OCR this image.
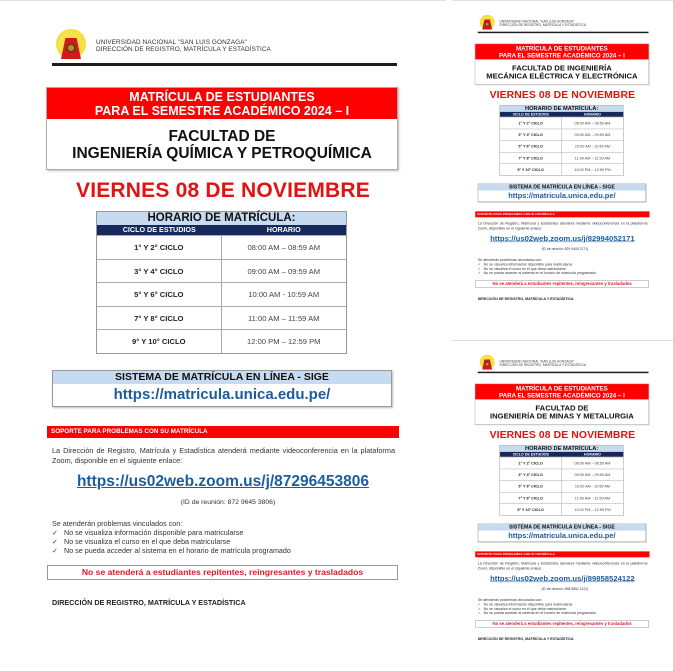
UNIVERSIDAD NACIONAL "SAN LUIS GONZAGA"
DIRECCIÓN DE REGISTRO, MATRÍCULA Y ESTADÍSTICA
MATRÍCULA DE ESTUDIANTES
PARA EL SEMESTRE ACADÉMICO 2024 – I
FACULTAD DE
INGENIERÍA QUÍMICA Y PETROQUÍMICA
VIERNES 08 DE NOVIEMBRE
HORARIO DE MATRÍCULA:
CICLO DE ESTUDIOS	HORARIO
1° Y 2° CICLO	08:00 AM – 08:59 AM
3° Y 4° CICLO	09:00 AM – 09:59 AM
5° Y 6° CICLO	10:00 AM - 10:59 AM
7° Y 8° CICLO	11:00 AM – 11:59 AM
9° Y 10° CICLO	12:00 PM – 12:59 PM
SISTEMA DE MATRÍCULA EN LÍNEA - SIGE
https://matricula.unica.edu.pe/
SOPORTE PARA PROBLEMAS CON SU MATRÍCULA
La Dirección de Registro, Matrícula y Estadística atenderá mediante videoconferencia en la plataforma Zoom, disponible en el siguiente enlace:
https://us02web.zoom.us/j/87296453806
(ID de reunión: 872 9645 3806)
Se atenderán problemas vinculados con:
✓ No se visualiza información disponible para matricularse
✓ No se visualiza el curso en el que deba matricularse
✓ No se pueda acceder al sistema en el horario de matrícula programado
No se atenderá a estudiantes repitentes, reingresantes y trasladados
DIRECCIÓN DE REGISTRO, MATRÍCULA Y ESTADÍSTICA
UNIVERSIDAD NACIONAL "SAN LUIS GONZAGA"
DIRECCIÓN DE REGISTRO, MATRÍCULA Y ESTADÍSTICA
MATRÍCULA DE ESTUDIANTES
PARA EL SEMESTRE ACADÉMICO 2024 – I
FACULTAD DE INGENIERÍA
MECÁNICA ELÉCTRICA Y ELECTRÓNICA
VIERNES 08 DE NOVIEMBRE
HORARIO DE MATRÍCULA:
CICLO DE ESTUDIOS	HORARIO
1° Y 2° CICLO	08:00 AM – 08:59 AM
3° Y 4° CICLO	09:00 AM – 09:59 AM
5° Y 6° CICLO	10:00 AM - 10:59 AM
7° Y 8° CICLO	11:00 AM – 11:59 AM
9° Y 10° CICLO	12:00 PM – 12:59 PM
SISTEMA DE MATRÍCULA EN LÍNEA - SIGE
https://matricula.unica.edu.pe/
SOPORTE PARA PROBLEMAS CON SU MATRÍCULA
La Dirección de Registro, Matrícula y Estadística atenderá mediante videoconferencia en la plataforma Zoom, disponible en el siguiente enlace:
https://us02web.zoom.us/j/82994052171
(ID de reunión: 829 9405 2171)
Se atenderán problemas vinculados con:
✓ No se visualiza información disponible para matricularse
✓ No se visualiza el curso en el que deba matricularse
✓ No se pueda acceder al sistema en el horario de matrícula programado
No se atenderá a estudiantes repitentes, reingresantes y trasladados
DIRECCIÓN DE REGISTRO, MATRÍCULA Y ESTADÍSTICA
UNIVERSIDAD NACIONAL "SAN LUIS GONZAGA"
DIRECCIÓN DE REGISTRO, MATRÍCULA Y ESTADÍSTICA
MATRÍCULA DE ESTUDIANTES
PARA EL SEMESTRE ACADÉMICO 2024 – I
FACULTAD DE
INGENIERÍA DE MINAS Y METALURGIA
VIERNES 08 DE NOVIEMBRE
HORARIO DE MATRÍCULA:
CICLO DE ESTUDIOS	HORARIO
1° Y 2° CICLO	08:00 AM – 08:59 AM
3° Y 4° CICLO	09:00 AM – 09:59 AM
5° Y 6° CICLO	10:00 AM - 10:59 AM
7° Y 8° CICLO	11:00 AM – 11:59 AM
9° Y 10° CICLO	12:00 PM – 12:59 PM
SISTEMA DE MATRÍCULA EN LÍNEA - SIGE
https://matricula.unica.edu.pe/
SOPORTE PARA PROBLEMAS CON SU MATRÍCULA
La Dirección de Registro, Matrícula y Estadística atenderá mediante videoconferencia en la plataforma Zoom, disponible en el siguiente enlace:
https://us02web.zoom.us/j/89858524122
(ID de reunión: 898 5852 4122)
Se atenderán problemas vinculados con:
✓ No se visualiza información disponible para matricularse
✓ No se visualiza el curso en el que deba matricularse
✓ No se pueda acceder al sistema en el horario de matrícula programado
No se atenderá a estudiantes repitentes, reingresantes y trasladados
DIRECCIÓN DE REGISTRO, MATRÍCULA Y ESTADÍSTICA
